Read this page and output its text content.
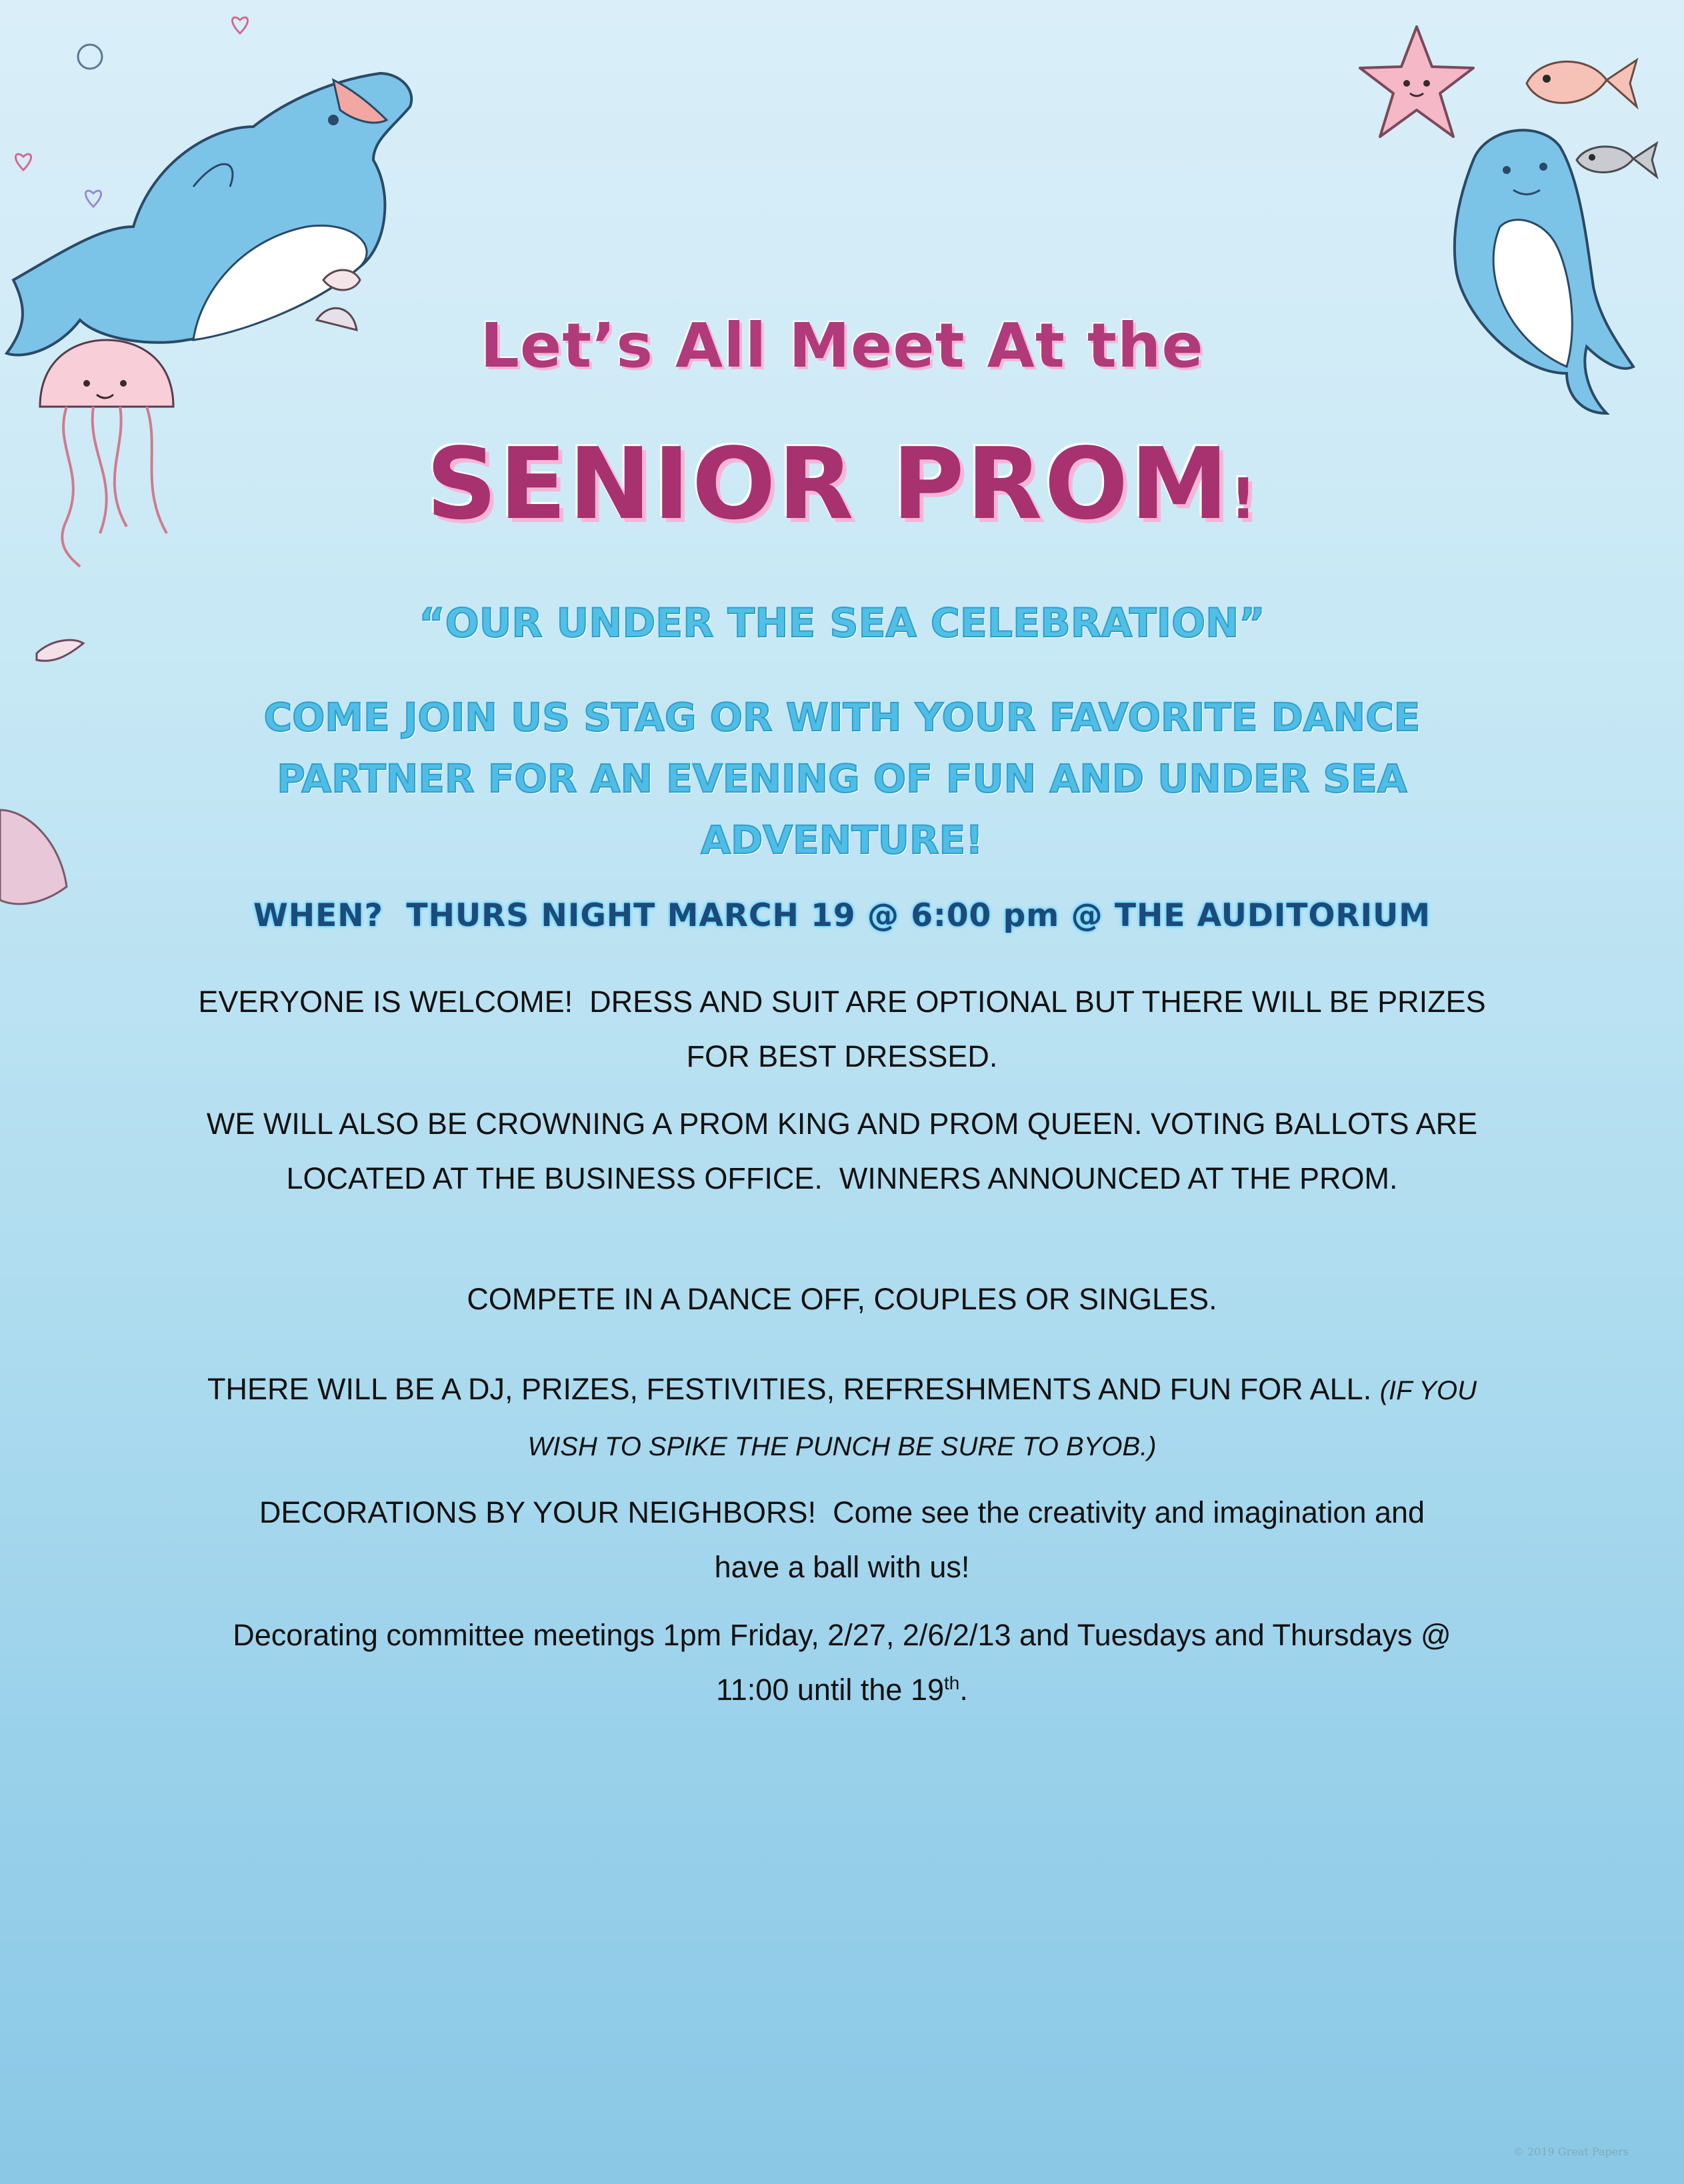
Let’s All Meet At the
SENIOR PROM!
“OUR UNDER THE SEA CELEBRATION”
COME JOIN US STAG OR WITH YOUR FAVORITE DANCE PARTNER FOR AN EVENING OF FUN AND UNDER SEA ADVENTURE!
WHEN?  THURS NIGHT MARCH 19 @ 6:00 pm @ THE AUDITORIUM
EVERYONE IS WELCOME!  DRESS AND SUIT ARE OPTIONAL BUT THERE WILL BE PRIZES FOR BEST DRESSED.
WE WILL ALSO BE CROWNING A PROM KING AND PROM QUEEN. VOTING BALLOTS ARE LOCATED AT THE BUSINESS OFFICE.  WINNERS ANNOUNCED AT THE PROM.
COMPETE IN A DANCE OFF, COUPLES OR SINGLES.
THERE WILL BE A DJ, PRIZES, FESTIVITIES, REFRESHMENTS AND FUN FOR ALL. (IF YOU WISH TO SPIKE THE PUNCH BE SURE TO BYOB.)
DECORATIONS BY YOUR NEIGHBORS!  Come see the creativity and imagination and have a ball with us!
Decorating committee meetings 1pm Friday, 2/27, 2/6/2/13 and Tuesdays and Thursdays @ 11:00 until the 19th.
© 2019 Great Papers
